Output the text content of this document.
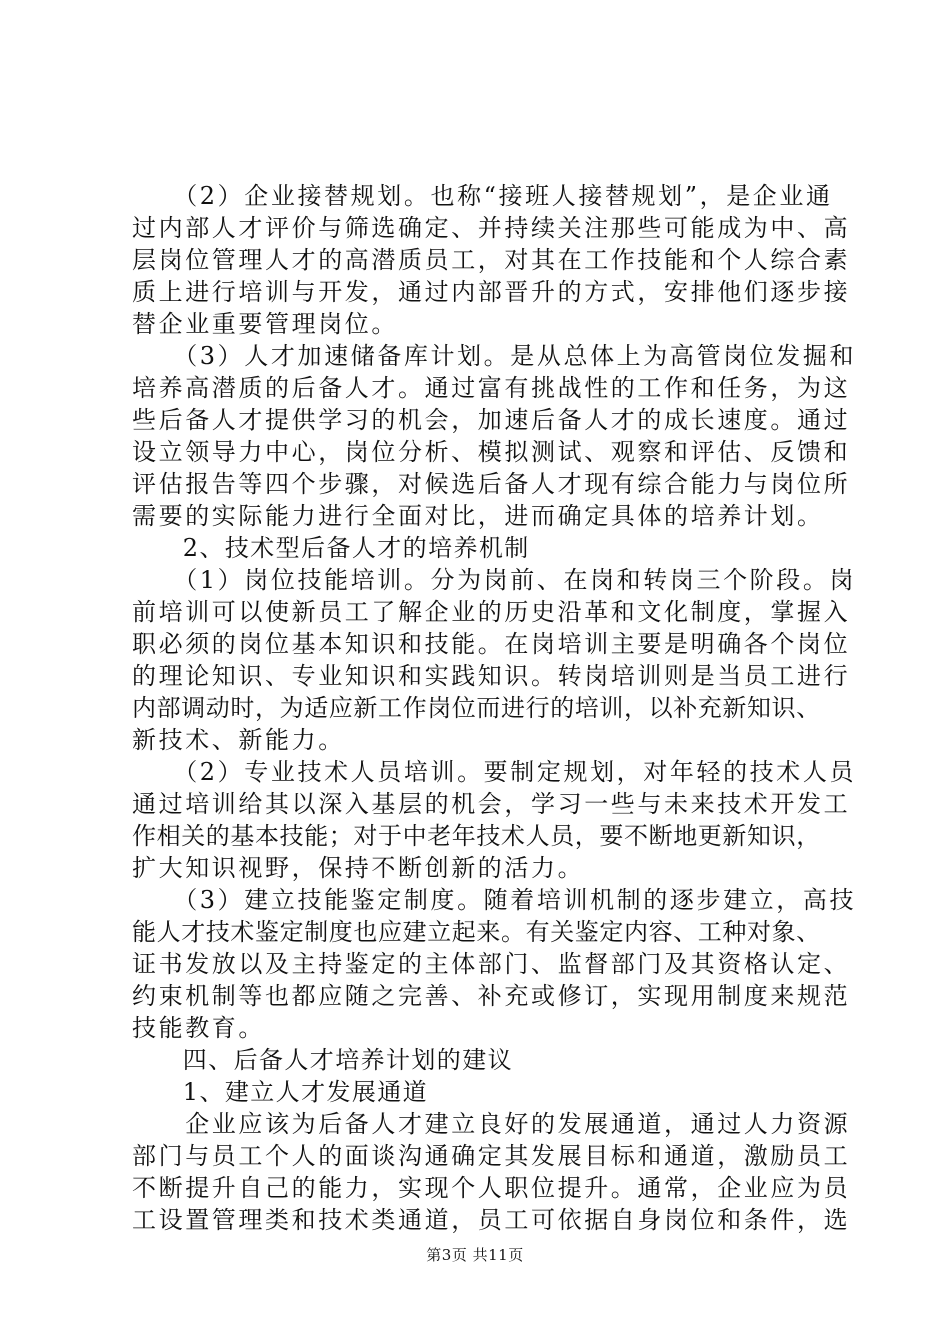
　　（2）企业接替规划。也称“接班人接替规划”，是企业通
过内部人才评价与筛选确定、并持续关注那些可能成为中、高
层岗位管理人才的高潜质员工，对其在工作技能和个人综合素
质上进行培训与开发，通过内部晋升的方式，安排他们逐步接
替企业重要管理岗位。
　　（3）人才加速储备库计划。是从总体上为高管岗位发掘和
培养高潜质的后备人才。通过富有挑战性的工作和任务，为这
些后备人才提供学习的机会，加速后备人才的成长速度。通过
设立领导力中心，岗位分析、模拟测试、观察和评估、反馈和
评估报告等四个步骤，对候选后备人才现有综合能力与岗位所
需要的实际能力进行全面对比，进而确定具体的培养计划。
　　2、技术型后备人才的培养机制
　　（1）岗位技能培训。分为岗前、在岗和转岗三个阶段。岗
前培训可以使新员工了解企业的历史沿革和文化制度，掌握入
职必须的岗位基本知识和技能。在岗培训主要是明确各个岗位
的理论知识、专业知识和实践知识。转岗培训则是当员工进行
内部调动时，为适应新工作岗位而进行的培训，以补充新知识、
新技术、新能力。
　　（2）专业技术人员培训。要制定规划，对年轻的技术人员
通过培训给其以深入基层的机会，学习一些与未来技术开发工
作相关的基本技能；对于中老年技术人员，要不断地更新知识，
扩大知识视野，保持不断创新的活力。
　　（3）建立技能鉴定制度。随着培训机制的逐步建立，高技
能人才技术鉴定制度也应建立起来。有关鉴定内容、工种对象、
证书发放以及主持鉴定的主体部门、监督部门及其资格认定、
约束机制等也都应随之完善、补充或修订，实现用制度来规范
技能教育。
　　四、后备人才培养计划的建议
　　1、建立人才发展通道
　　企业应该为后备人才建立良好的发展通道，通过人力资源
部门与员工个人的面谈沟通确定其发展目标和通道，激励员工
不断提升自己的能力，实现个人职位提升。通常，企业应为员
工设置管理类和技术类通道，员工可依据自身岗位和条件，选
第3页 共11页
